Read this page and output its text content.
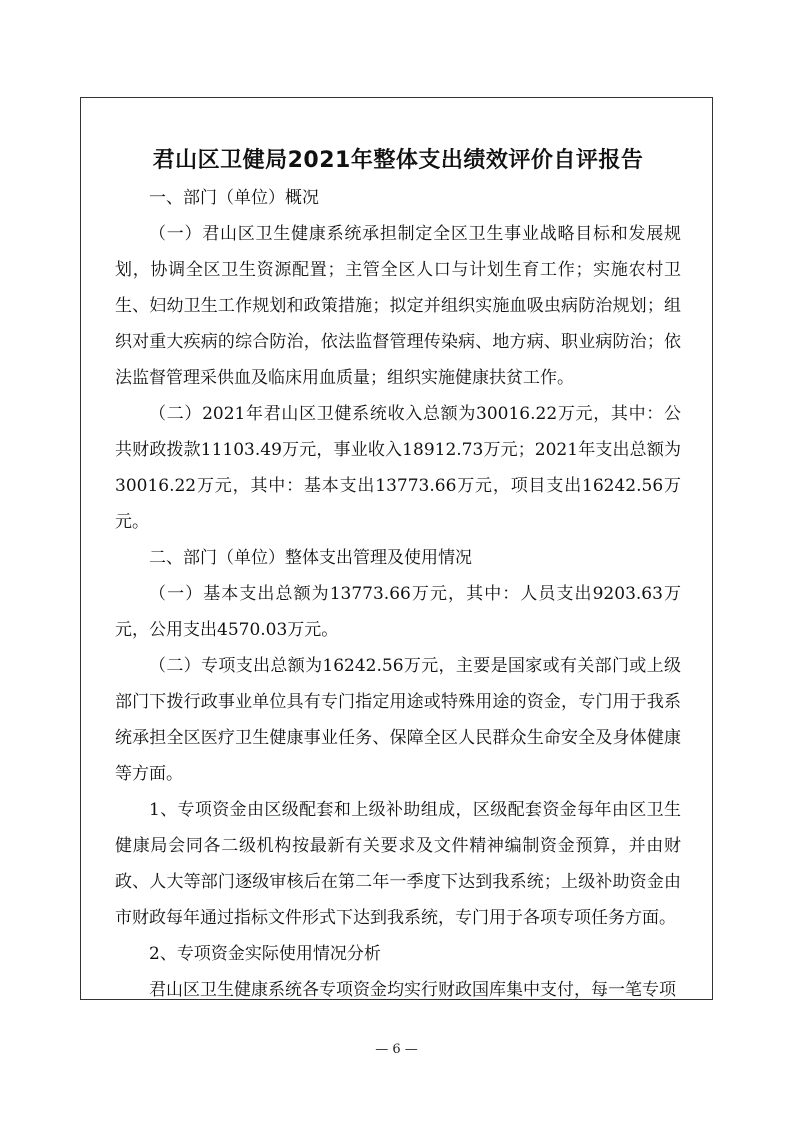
君山区卫健局2021年整体支出绩效评价自评报告

一、部门（单位）概况

（一）君山区卫生健康系统承担制定全区卫生事业战略目标和发展规划，协调全区卫生资源配置；主管全区人口与计划生育工作；实施农村卫生、妇幼卫生工作规划和政策措施；拟定并组织实施血吸虫病防治规划；组织对重大疾病的综合防治，依法监督管理传染病、地方病、职业病防治；依法监督管理采供血及临床用血质量；组织实施健康扶贫工作。

（二）2021年君山区卫健系统收入总额为30016.22万元，其中：公共财政拨款11103.49万元，事业收入18912.73万元；2021年支出总额为30016.22万元，其中：基本支出13773.66万元，项目支出16242.56万元。

二、部门（单位）整体支出管理及使用情况

（一）基本支出总额为13773.66万元，其中：人员支出9203.63万元，公用支出4570.03万元。

（二）专项支出总额为16242.56万元，主要是国家或有关部门或上级部门下拨行政事业单位具有专门指定用途或特殊用途的资金，专门用于我系统承担全区医疗卫生健康事业任务、保障全区人民群众生命安全及身体健康等方面。

1、专项资金由区级配套和上级补助组成，区级配套资金每年由区卫生健康局会同各二级机构按最新有关要求及文件精神编制资金预算，并由财政、人大等部门逐级审核后在第二年一季度下达到我系统；上级补助资金由市财政每年通过指标文件形式下达到我系统，专门用于各项专项任务方面。

2、专项资金实际使用情况分析

君山区卫生健康系统各专项资金均实行财政国库集中支付，每一笔专项

— 6 —
